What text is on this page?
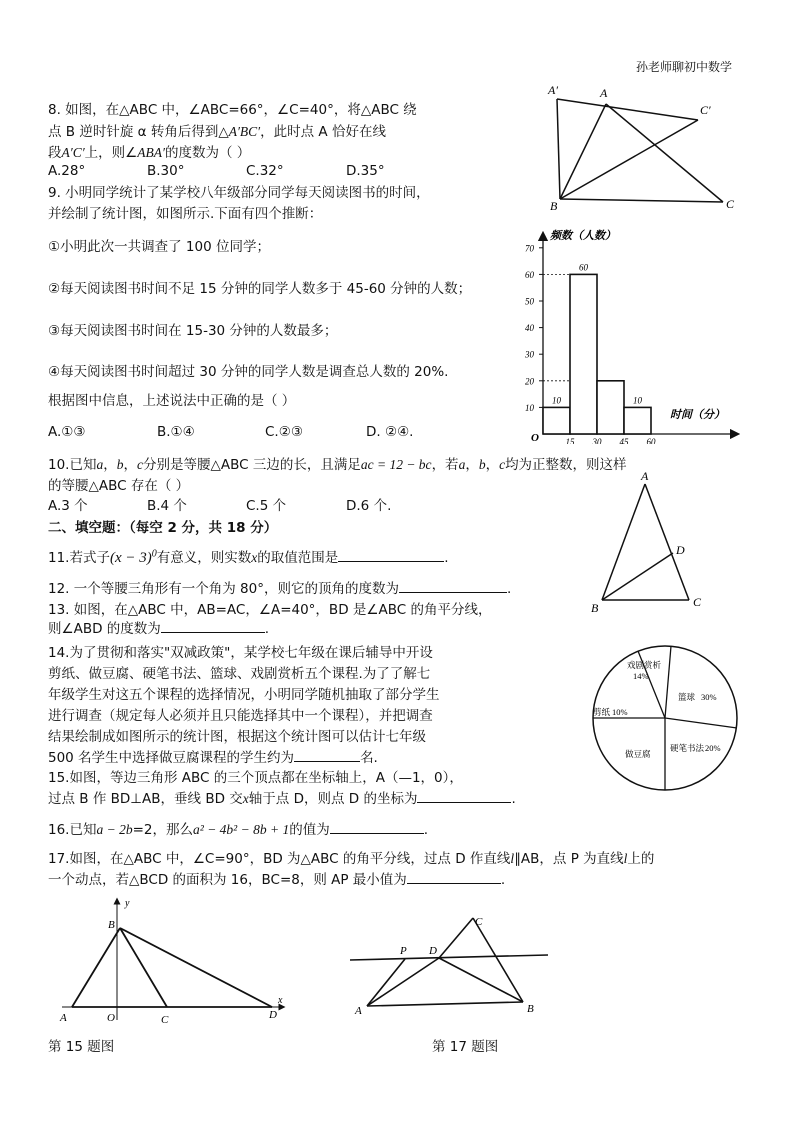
孙老师聊初中数学
8. 如图，在△ABC 中，∠ABC=66°，∠C=40°，将△ABC 绕
点 B 逆时针旋 α 转角后得到△A′BC′，此时点 A 恰好在线
段A′C′上，则∠ABA′的度数为（ ）
A.28°	B.30°	C.32°	D.35°
A′	A
C′
B	C
9. 小明同学统计了某学校八年级部分同学每天阅读图书的时间，
并绘制了统计图，如图所示.下面有四个推断：
①小明此次一共调查了 100 位同学；
②每天阅读图书时间不足 15 分钟的同学人数多于 45-60 分钟的人数；
③每天阅读图书时间在 15-30 分钟的人数最多；
④每天阅读图书时间超过 30 分钟的同学人数是调查总人数的 20%.
根据图中信息，上述说法中正确的是（ ）
A.①③	B.①④	C.②③	D. ②④.
频数（人数）
时间（分）
O
10
60
10
10
20
30
40
50
60
70
15 30 45 60
10.已知a，b，c分别是等腰△ABC 三边的长，且满足ac = 12 − bc，若a，b，c均为正整数，则这样
的等腰△ABC 存在（ ）
A.3 个	B.4 个	C.5 个	D.6 个.
二、填空题：（每空 2 分，共 18 分）
11.若式子$(x - 3)^0$有意义，则实数x的取值范围是	.
12. 一个等腰三角形有一个角为 80°，则它的顶角的度数为	.
13. 如图，在△ABC 中，AB=AC，∠A=40°，BD 是∠ABC 的角平分线，
则∠ABD 的度数为	.
A
B	C
D
14.为了贯彻和落实"双减政策"，某学校七年级在课后辅导中开设
剪纸、做豆腐、硬笔书法、篮球、戏剧赏析五个课程.为了了解七
年级学生对这五个课程的选择情况，小明同学随机抽取了部分学生
进行调查（规定每人必须并且只能选择其中一个课程），并把调查
结果绘制成如图所示的统计图，根据这个统计图可以估计七年级
500 名学生中选择做豆腐课程的学生约为	名.
戏剧赏析
14%
篮球 30%
硬笔书法 20%
做豆腐
剪纸 10%
15.如图，等边三角形 ABC 的三个顶点都在坐标轴上，A（—1，0），
过点 B 作 BD⊥AB，垂线 BD 交x轴于点 D，则点 D 的坐标为	.
16.已知a − 2b=2，那么a² − 4b² − 8b + 1的值为	.
17.如图，在△ABC 中，∠C=90°，BD 为△ABC 的角平分线，过点 D 作直线l∥AB，点 P 为直线l上的
一个动点，若△BCD 的面积为 16，BC=8，则 AP 最小值为	.
y
x
B
A	O	C	D
第 15 题图
C
P D
A	B
第 17 题图
